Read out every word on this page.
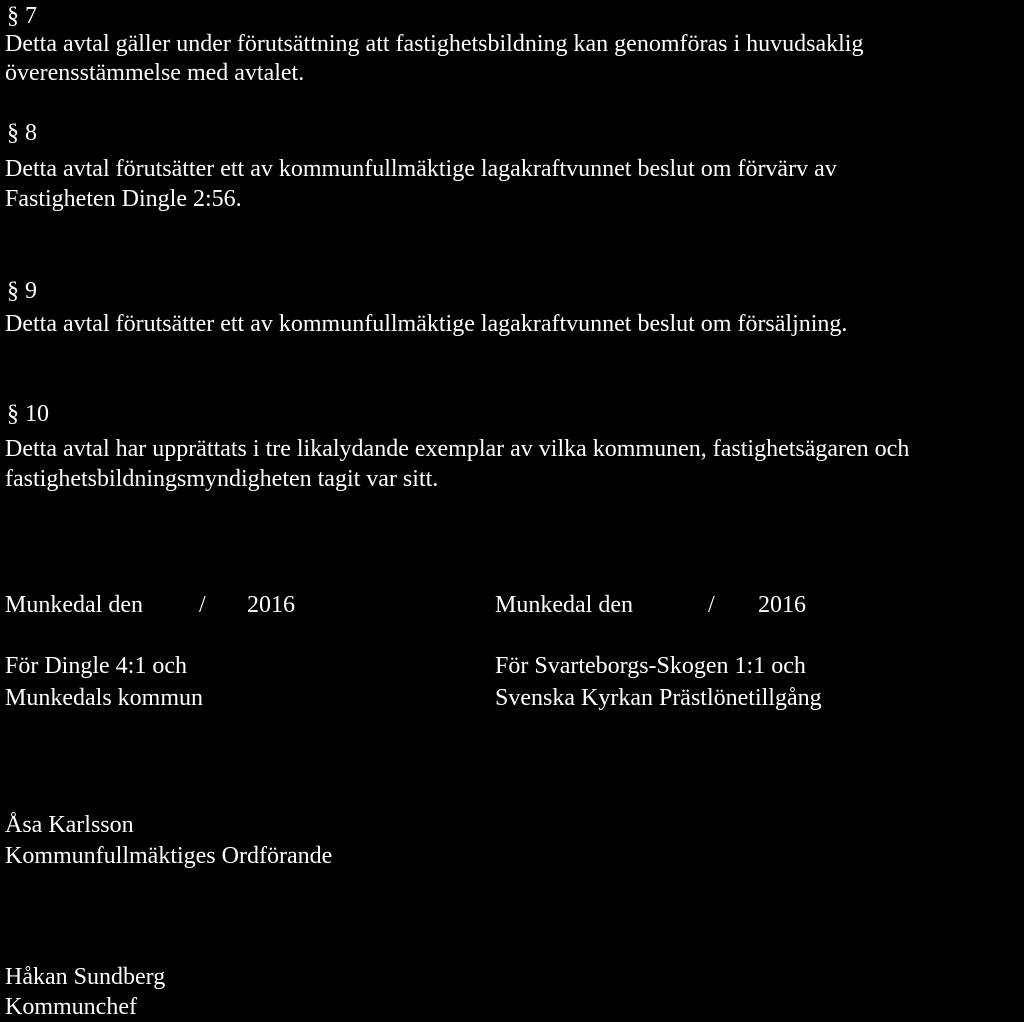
§ 7
Detta avtal gäller under förutsättning att fastighetsbildning kan genomföras i huvudsaklig
överensstämmelse med avtalet.
§ 8
Detta avtal förutsätter ett av kommunfullmäktige lagakraftvunnet beslut om förvärv av
Fastigheten Dingle 2:56.
§ 9
Detta avtal förutsätter ett av kommunfullmäktige lagakraftvunnet beslut om försäljning.
§ 10
Detta avtal har upprättats i tre likalydande exemplar av vilka kommunen, fastighetsägaren och
fastighetsbildningsmyndigheten tagit var sitt.
Munkedal den / 2016
För Dingle 4:1 och
Munkedals kommun
Munkedal den	/ 2016
För Svarteborgs-Skogen 1:1 och
Svenska Kyrkan Prästlönetillgång
Åsa Karlsson
Kommunfullmäktiges Ordförande
Håkan Sundberg
Kommunchef
